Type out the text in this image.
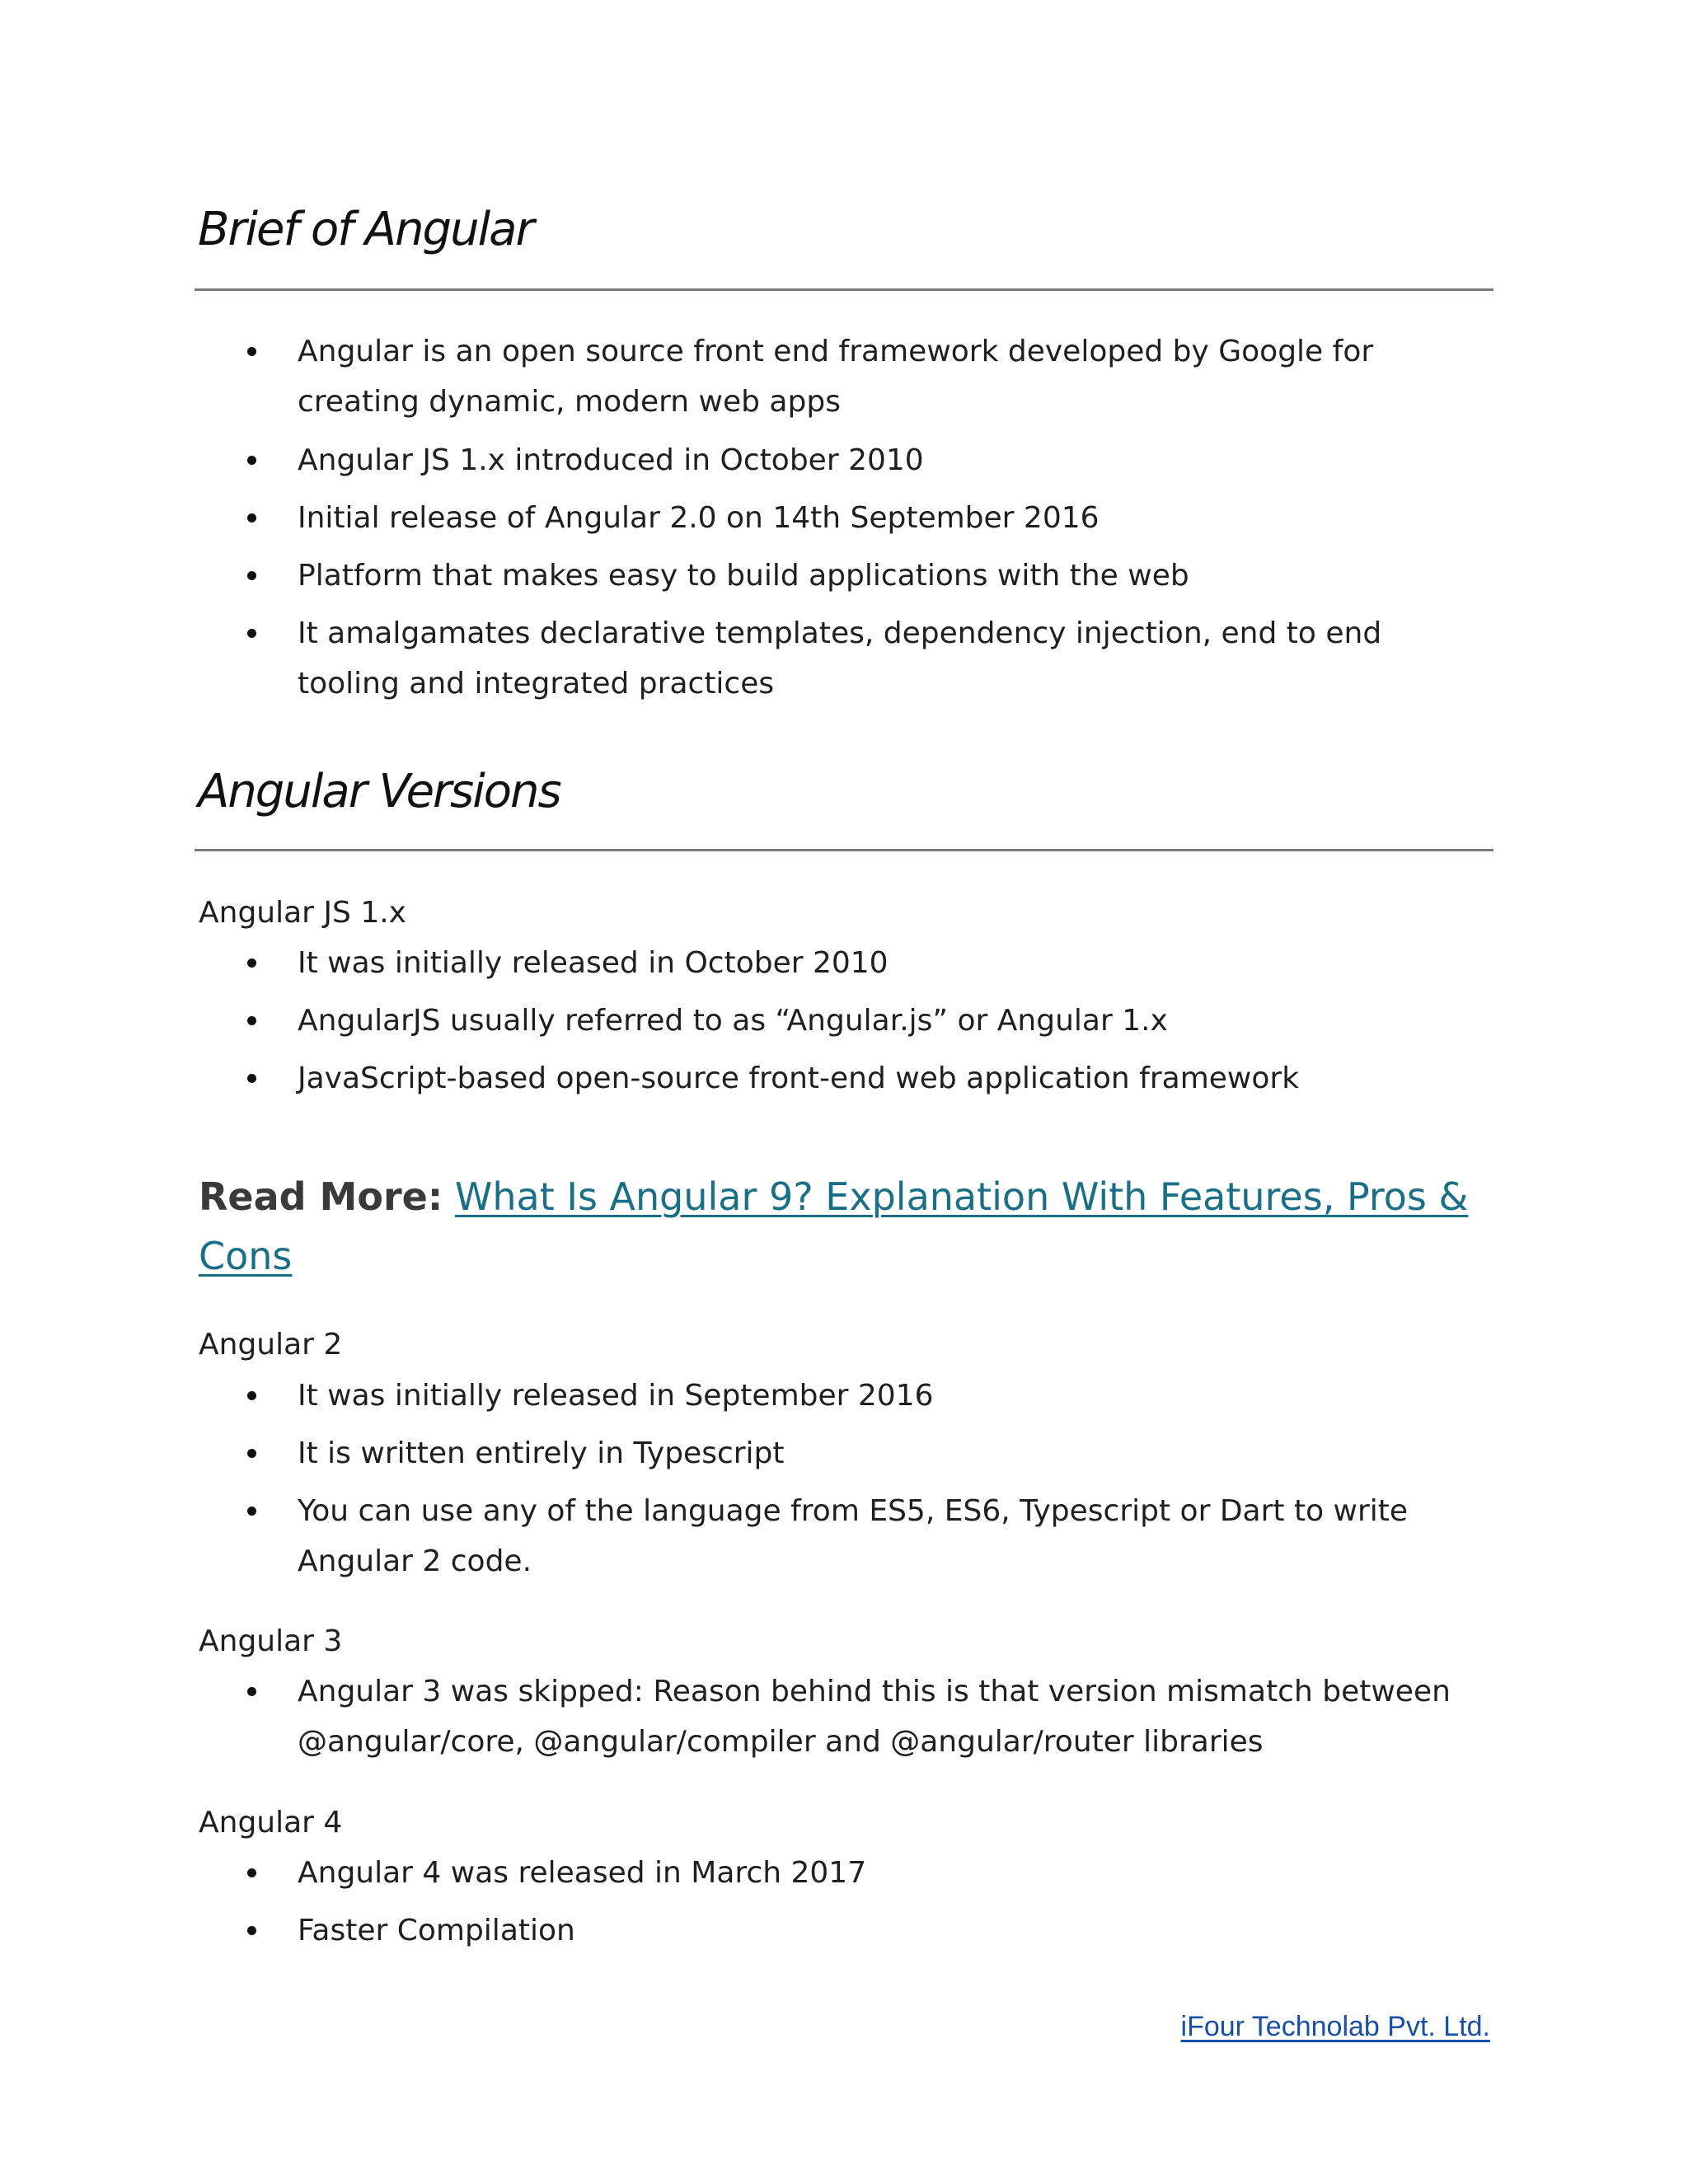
Brief of Angular
Angular is an open source front end framework developed by Google for creating dynamic, modern web apps
Angular JS 1.x introduced in October 2010
Initial release of Angular 2.0 on 14th September 2016
Platform that makes easy to build applications with the web
It amalgamates declarative templates, dependency injection, end to end tooling and integrated practices
Angular Versions

Angular JS 1.x

It was initially released in October 2010
AngularJS usually referred to as “Angular.js” or Angular 1.x
JavaScript-based open-source front-end web application framework

Read More: What Is Angular 9? Explanation With Features, Pros & Cons

Angular 2

It was initially released in September 2016
It is written entirely in Typescript
You can use any of the language from ES5, ES6, Typescript or Dart to write Angular 2 code.

Angular 3

Angular 3 was skipped: Reason behind this is that version mismatch between @angular/core, @angular/compiler and @angular/router libraries

Angular 4

Angular 4 was released in March 2017
Faster Compilation
iFour Technolab Pvt. Ltd.
